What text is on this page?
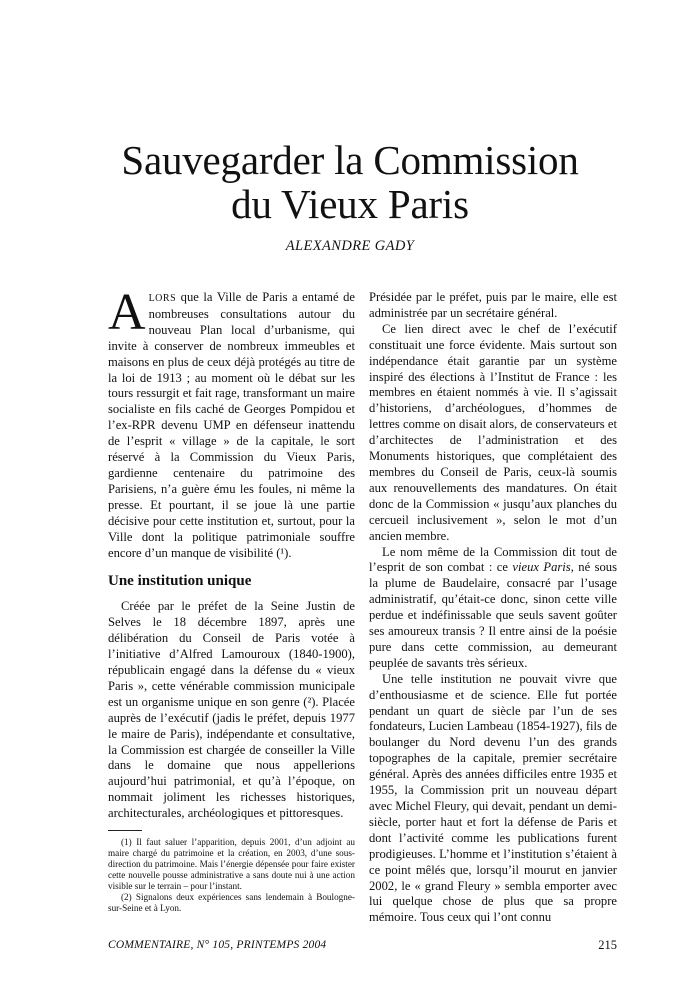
Sauvegarder la Commission
du Vieux Paris
ALEXANDRE GADY

ALORS que la Ville de Paris a entamé de nombreuses consultations autour du nouveau Plan local d’urbanisme, qui invite à conserver de nombreux immeubles et maisons en plus de ceux déjà protégés au titre de la loi de 1913 ; au moment où le débat sur les tours ressurgit et fait rage, transformant un maire socialiste en fils caché de Georges Pompidou et l’ex-RPR devenu UMP en défenseur inattendu de l’esprit « village » de la capitale, le sort réservé à la Commission du Vieux Paris, gardienne centenaire du patrimoine des Parisiens, n’a guère ému les foules, ni même la presse. Et pourtant, il se joue là une partie décisive pour cette institution et, surtout, pour la Ville dont la politique patrimoniale souffre encore d’un manque de visibilité (¹).

Une institution unique

Créée par le préfet de la Seine Justin de Selves le 18 décembre 1897, après une délibération du Conseil de Paris votée à l’initiative d’Alfred Lamouroux (1840-1900), républicain engagé dans la défense du « vieux Paris », cette vénérable commission municipale est un organisme unique en son genre (²). Placée auprès de l’exécutif (jadis le préfet, depuis 1977 le maire de Paris), indépendante et consultative, la Commission est chargée de conseiller la Ville dans le domaine que nous appellerions aujourd’hui patrimonial, et qu’à l’époque, on nommait joliment les richesses historiques, architecturales, archéologiques et pittoresques.

(1) Il faut saluer l’apparition, depuis 2001, d’un adjoint au maire chargé du patrimoine et la création, en 2003, d’une sous-direction du patrimoine. Mais l’énergie dépensée pour faire exister cette nouvelle pousse administrative a sans doute nui à une action visible sur le terrain – pour l’instant.

(2) Signalons deux expériences sans lendemain à Boulogne-sur-Seine et à Lyon.

Présidée par le préfet, puis par le maire, elle est administrée par un secrétaire général.

Ce lien direct avec le chef de l’exécutif constituait une force évidente. Mais surtout son indépendance était garantie par un système inspiré des élections à l’Institut de France : les membres en étaient nommés à vie. Il s’agissait d’historiens, d’archéologues, d’hommes de lettres comme on disait alors, de conservateurs et d’architectes de l’administration et des Monuments historiques, que complétaient des membres du Conseil de Paris, ceux-là soumis aux renouvellements des mandatures. On était donc de la Commission « jusqu’aux planches du cercueil inclusivement », selon le mot d’un ancien membre.

Le nom même de la Commission dit tout de l’esprit de son combat : ce vieux Paris, né sous la plume de Baudelaire, consacré par l’usage administratif, qu’était-ce donc, sinon cette ville perdue et indéfinissable que seuls savent goûter ses amoureux transis ? Il entre ainsi de la poésie pure dans cette commission, au demeurant peuplée de savants très sérieux.

Une telle institution ne pouvait vivre que d’enthousiasme et de science. Elle fut portée pendant un quart de siècle par l’un de ses fondateurs, Lucien Lambeau (1854-1927), fils de boulanger du Nord devenu l’un des grands topographes de la capitale, premier secrétaire général. Après des années difficiles entre 1935 et 1955, la Commission prit un nouveau départ avec Michel Fleury, qui devait, pendant un demi-siècle, porter haut et fort la défense de Paris et dont l’activité comme les publications furent prodigieuses. L’homme et l’institution s’étaient à ce point mêlés que, lorsqu’il mourut en janvier 2002, le « grand Fleury » sembla emporter avec lui quelque chose de plus que sa propre mémoire. Tous ceux qui l’ont connu

COMMENTAIRE, N° 105, PRINTEMPS 2004	215
